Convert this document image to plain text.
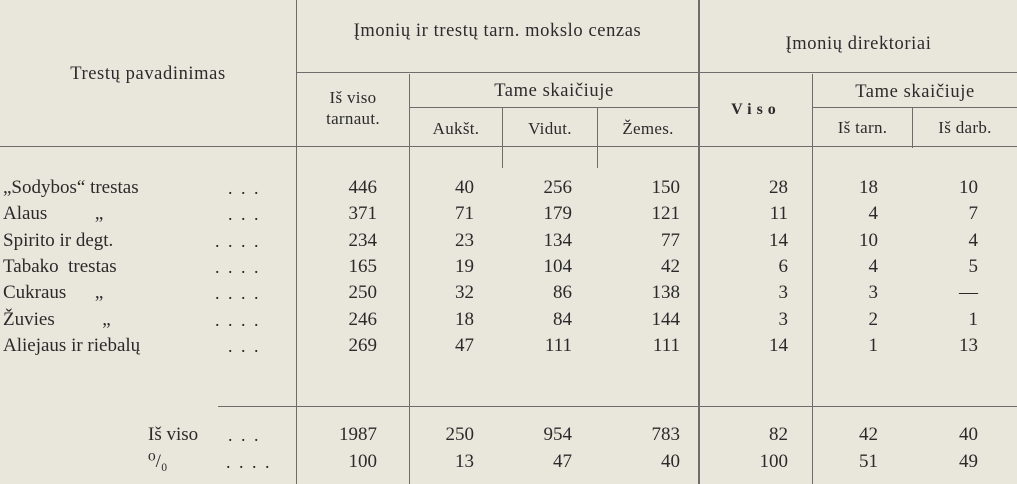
Trestų pavadinimas
Įmonių ir trestų tarn. mokslo cenzas
Iš viso
tarnaut.
Tame skaičiuje
Aukšt.	Vidut.	Žemes.
Įmonių direktoriai
Viso
Tame skaičiuje
Iš tarn.	Iš darb.
„Sodybos“ trestas	. . .	446	40	256	150	28	18	10
Alaus          „	. . .	371	71	179	121	11	4	7
Spirito ir degt.	. . . .	234	23	134	77	14	10	4
Tabako  trestas	. . . .	165	19	104	42	6	4	5
Cukraus      „	. . . .	250	32	86	138	3	3	—
Žuvies          „	. . . .	246	18	84	144	3	2	1
Aliejaus ir riebalų	. . .	269	47	111	111	14	1	13
Iš viso	. . .	1987	250	954	783	82	42	40
⁰/₀	. . . .	100	13	47	40	100	51	49
